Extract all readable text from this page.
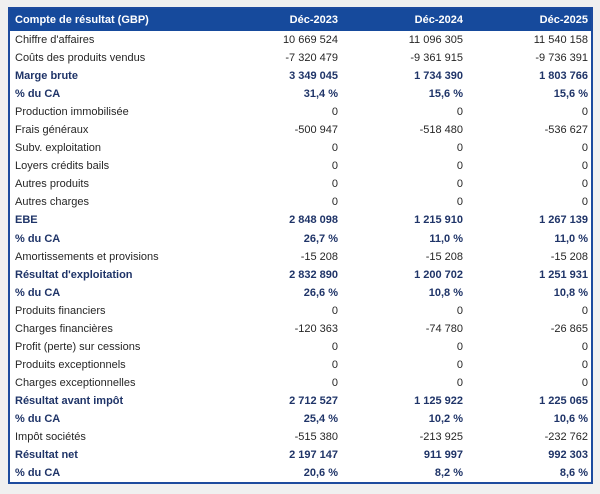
Compte de résultat (GBP)	Déc-2023	Déc-2024	Déc-2025
Chiffre d'affaires	10 669 524	11 096 305	11 540 158
Coûts des produits vendus	-7 320 479	-9 361 915	-9 736 391
Marge brute	3 349 045	1 734 390	1 803 766
% du CA	31,4 %	15,6 %	15,6 %
Production immobilisée	0	0	0
Frais généraux	-500 947	-518 480	-536 627
Subv. exploitation	0	0	0
Loyers crédits bails	0	0	0
Autres produits	0	0	0
Autres charges	0	0	0
EBE	2 848 098	1 215 910	1 267 139
% du CA	26,7 %	11,0 %	11,0 %
Amortissements et provisions	-15 208	-15 208	-15 208
Résultat d'exploitation	2 832 890	1 200 702	1 251 931
% du CA	26,6 %	10,8 %	10,8 %
Produits financiers	0	0	0
Charges financières	-120 363	-74 780	-26 865
Profit (perte) sur cessions	0	0	0
Produits exceptionnels	0	0	0
Charges exceptionnelles	0	0	0
Résultat avant impôt	2 712 527	1 125 922	1 225 065
% du CA	25,4 %	10,2 %	10,6 %
Impôt sociétés	-515 380	-213 925	-232 762
Résultat net	2 197 147	911 997	992 303
% du CA	20,6 %	8,2 %	8,6 %
